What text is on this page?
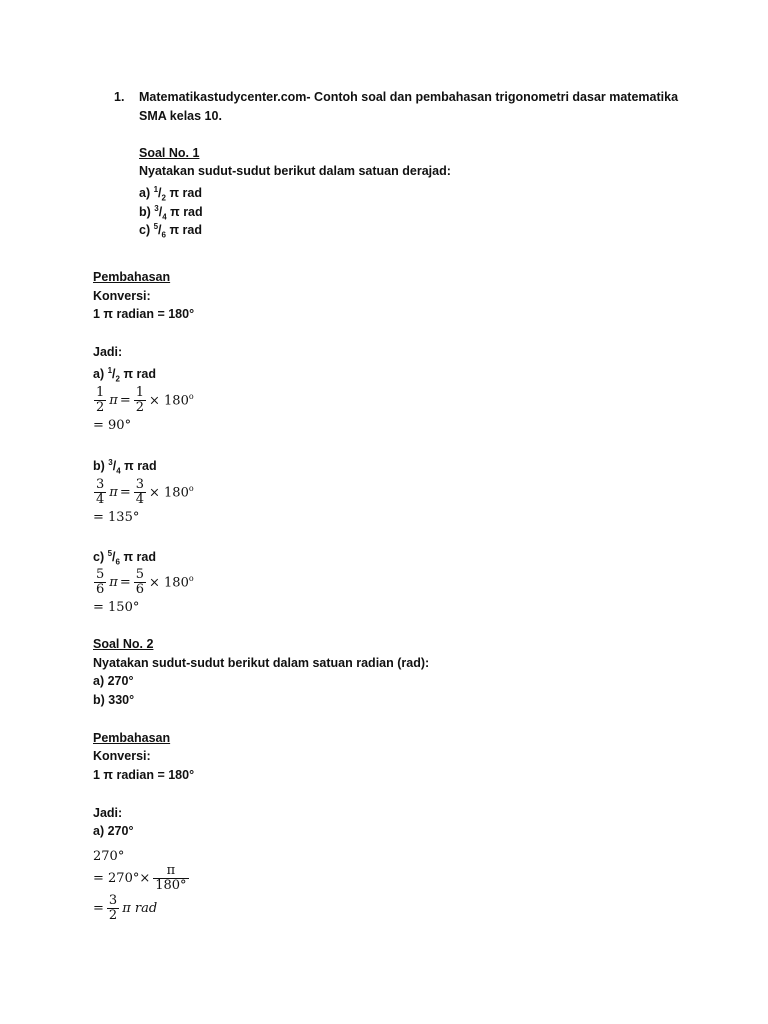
1. Matematikastudycenter.com- Contoh soal dan pembahasan trigonometri dasar matematika
SMA kelas 10.
Soal No. 1
Nyatakan sudut-sudut berikut dalam satuan derajad:
a) $^1/_2$ π rad
b) $^3/_4$ π rad
c) $^5/_6$ π rad
Pembahasan
Konversi:
1 π radian = 180°
Jadi:
a) $^1/_2$ π rad
$\frac{1}{2}$ $\pi = \frac{1}{2} \times 180^o$
= 90°
b) $^3/_4$ π rad
$\frac{3}{4}$ $\pi = \frac{3}{4} \times 180^o$
= 135°
c) $^5/_6$ π rad
$\frac{5}{6}$ $\pi = \frac{5}{6} \times 180^o$
= 150°
Soal No. 2
Nyatakan sudut-sudut berikut dalam satuan radian (rad):
a) 270°
b) 330°
Pembahasan
Konversi:
1 π radian = 180°
Jadi:
a) 270°
270°
= $270^\circ\times \frac{\pi}{180^\circ}$
= $\frac{3}{2}$ π rad
